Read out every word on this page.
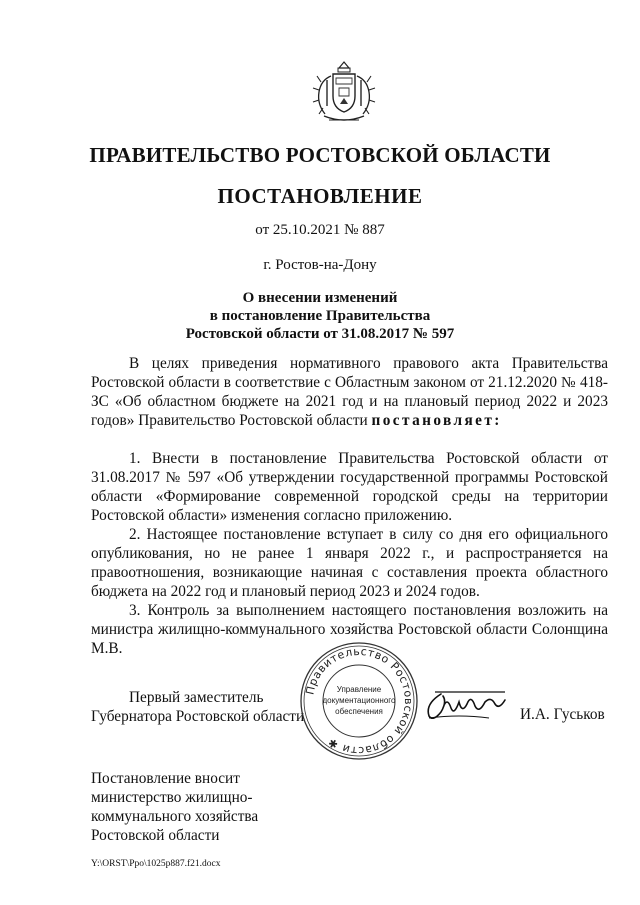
ПРАВИТЕЛЬСТВО РОСТОВСКОЙ ОБЛАСТИ
ПОСТАНОВЛЕНИЕ
от 25.10.2021 № 887
г. Ростов-на-Дону
О внесении изменений
в постановление Правительства
Ростовской области от 31.08.2017 № 597

В целях приведения нормативного правового акта Правительства Ростовской области в соответствие с Областным законом от 21.12.2020 № 418-ЗС «Об областном бюджете на 2021 год и на плановый период 2022 и 2023 годов» Правительство Ростовской области постановляет:

1. Внести в постановление Правительства Ростовской области от 31.08.2017 № 597 «Об утверждении государственной программы Ростовской области «Формирование современной городской среды на территории Ростовской области» изменения согласно приложению.

2. Настоящее постановление вступает в силу со дня его официального опубликования, но не ранее 1 января 2022 г., и распространяется на правоотношения, возникающие начиная с составления проекта областного бюджета на 2022 год и плановый период 2023 и 2024 годов.

3. Контроль за выполнением настоящего постановления возложить на министра жилищно-коммунального хозяйства Ростовской области Солонщина М.В.

Первый заместитель
Губернатора Ростовской области
Правительство Ростовской области ✱
Управление
документационного
обеспечения	И.А. Гуськов
Постановление вносит
министерство жилищно-
коммунального хозяйства
Ростовской области
Y:\ORST\Ppo\1025p887.f21.docx
